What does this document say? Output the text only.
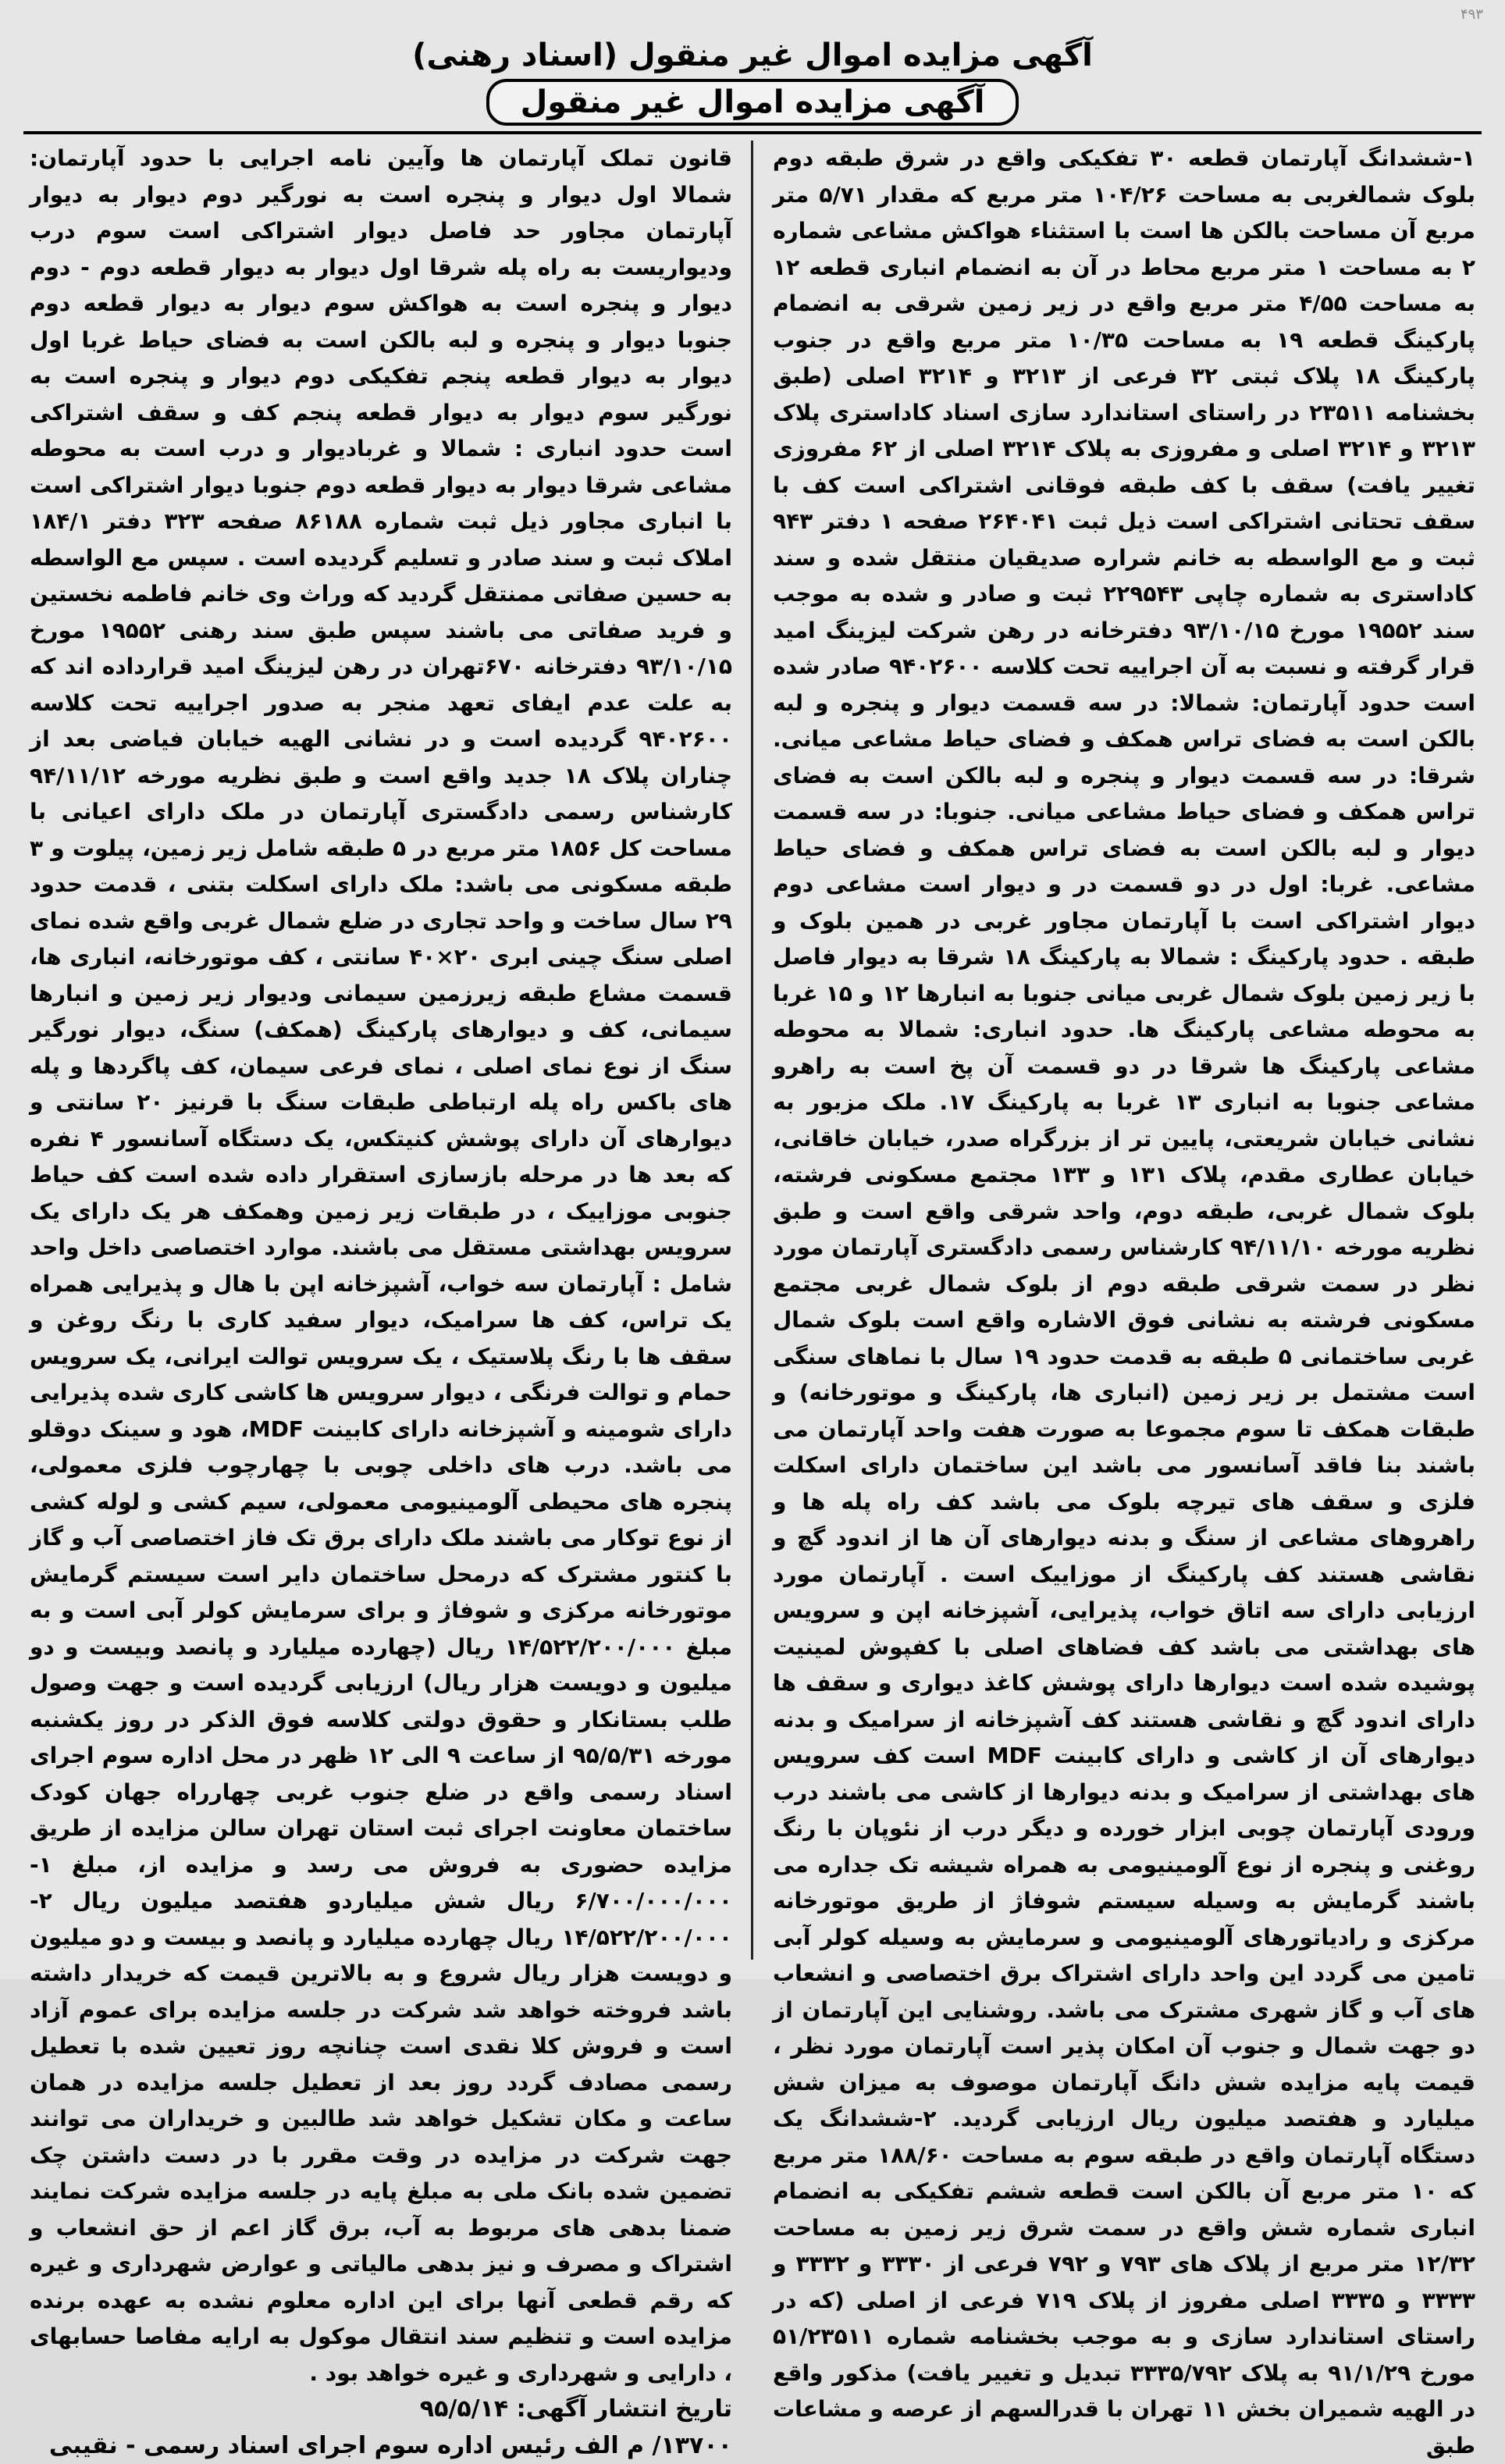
۴۹۳
آگهی مزایده اموال غیر منقول (اسناد رهنی)
آگهی مزایده اموال غیر منقول

۱-ششدانگ آپارتمان قطعه ۳۰ تفکیکی واقع در شرق طبقه دوم بلوک شمالغربی به مساحت ۱۰۴/۲۶ متر مربع که مقدار ۵/۷۱ متر مربع آن مساحت بالکن ها است با استثناء هواکش مشاعی شماره ۲ به مساحت ۱ متر مربع محاط در آن به انضمام انباری قطعه ۱۲ به مساحت ۴/۵۵ متر مربع واقع در زیر زمین شرقی به انضمام پارکینگ قطعه ۱۹ به مساحت ۱۰/۳۵ متر مربع واقع در جنوب پارکینگ ۱۸ پلاک ثبتی ۳۲ فرعی از ۳۲۱۳ و ۳۲۱۴ اصلی (طبق بخشنامه ۲۳۵۱۱ در راستای استاندارد سازی اسناد کاداستری پلاک ۳۲۱۳ و ۳۲۱۴ اصلی و مفروزی به پلاک ۳۲۱۴ اصلی از ۶۲ مفروزی تغییر یافت) سقف با کف طبقه فوقانی اشتراکی است کف با سقف تحتانی اشتراکی است ذیل ثبت ۲۶۴۰۴۱ صفحه ۱ دفتر ۹۴۳ ثبت و مع الواسطه به خانم شراره صدیقیان منتقل شده و سند کاداستری به شماره چاپی ۲۲۹۵۴۳ ثبت و صادر و شده به موجب سند ۱۹۵۵۲ مورخ ۹۳/۱۰/۱۵ دفترخانه در رهن شرکت لیزینگ امید قرار گرفته و نسبت به آن اجراییه تحت کلاسه ۹۴۰۲۶۰۰ صادر شده است حدود آپارتمان: شمالا: در سه قسمت دیوار و پنجره و لبه بالکن است به فضای تراس همکف و فضای حیاط مشاعی میانی. شرقا: در سه قسمت دیوار و پنجره و لبه بالکن است به فضای تراس همکف و فضای حیاط مشاعی میانی. جنوبا: در سه قسمت دیوار و لبه بالکن است به فضای تراس همکف و فضای حیاط مشاعی. غربا: اول در دو قسمت در و دیوار است مشاعی دوم دیوار اشتراکی است با آپارتمان مجاور غربی در همین بلوک و طبقه . حدود پارکینگ : شمالا به پارکینگ ۱۸ شرقا به دیوار فاصل با زیر زمین بلوک شمال غربی میانی جنوبا به انبارها ۱۲ و ۱۵ غربا به محوطه مشاعی پارکینگ ها. حدود انباری: شمالا به محوطه مشاعی پارکینگ ها شرقا در دو قسمت آن پخ است به راهرو مشاعی جنوبا به انباری ۱۳ غربا به پارکینگ ۱۷. ملک مزبور به نشانی خیابان شریعتی، پایین تر از بزرگراه صدر، خیابان خاقانی، خیابان عطاری مقدم، پلاک ۱۳۱ و ۱۳۳ مجتمع مسکونی فرشته، بلوک شمال غربی، طبقه دوم، واحد شرقی واقع است و طبق نظریه مورخه ۹۴/۱۱/۱۰ کارشناس رسمی دادگستری آپارتمان مورد نظر در سمت شرقی طبقه دوم از بلوک شمال غربی مجتمع مسکونی فرشته به نشانی فوق الاشاره واقع است بلوک شمال غربی ساختمانی ۵ طبقه به قدمت حدود ۱۹ سال با نماهای سنگی است مشتمل بر زیر زمین (انباری ها، پارکینگ و موتورخانه) و طبقات همکف تا سوم مجموعا به صورت هفت واحد آپارتمان می باشند بنا فاقد آسانسور می باشد این ساختمان دارای اسکلت فلزی و سقف های تیرچه بلوک می باشد کف راه پله ها و راهروهای مشاعی از سنگ و بدنه دیوارهای آن ها از اندود گچ و نقاشی هستند کف پارکینگ از موزاییک است . آپارتمان مورد ارزیابی دارای سه اتاق خواب، پذیرایی، آشپزخانه اپن و سرویس های بهداشتی می باشد کف فضاهای اصلی با کفپوش لمینیت پوشیده شده است دیوارها دارای پوشش کاغذ دیواری و سقف ها دارای اندود گچ و نقاشی هستند کف آشپزخانه از سرامیک و بدنه دیوارهای آن از کاشی و دارای کابینت MDF است کف سرویس های بهداشتی از سرامیک و بدنه دیوارها از کاشی می باشند درب ورودی آپارتمان چوبی ابزار خورده و دیگر درب از نئوپان با رنگ روغنی و پنجره از نوع آلومینیومی به همراه شیشه تک جداره می باشند گرمایش به وسیله سیستم شوفاژ از طریق موتورخانه مرکزی و رادیاتورهای آلومینیومی و سرمایش به وسیله کولر آبی تامین می گردد این واحد دارای اشتراک برق اختصاصی و انشعاب های آب و گاز شهری مشترک می باشد. روشنایی این آپارتمان از دو جهت شمال و جنوب آن امکان پذیر است آپارتمان مورد نظر ، قیمت پایه مزایده شش دانگ آپارتمان موصوف به میزان شش میلیارد و هفتصد میلیون ریال ارزیابی گردید. ۲-ششدانگ یک دستگاه آپارتمان واقع در طبقه سوم به مساحت ۱۸۸/۶۰ متر مربع که ۱۰ متر مربع آن بالکن است قطعه ششم تفکیکی به انضمام انباری شماره شش واقع در سمت شرق زیر زمین به مساحت ۱۲/۳۲ متر مربع از پلاک های ۷۹۳ و ۷۹۲ فرعی از ۳۳۳۰ و ۳۳۳۲ و ۳۳۳۳ و ۳۳۳۵ اصلی مفروز از پلاک ۷۱۹ فرعی از اصلی (که در راستای استاندارد سازی و به موجب بخشنامه شماره ۵۱/۲۳۵۱۱ مورخ ۹۱/۱/۲۹ به پلاک ۳۳۳۵/۷۹۲ تبدیل و تغییر یافت) مذکور واقع در الهیه شمیران بخش ۱۱ تهران با قدرالسهم از عرصه و مشاعات طبق

قانون تملک آپارتمان ها وآیین نامه اجرایی با حدود آپارتمان: شمالا اول دیوار و پنجره است به نورگیر دوم دیوار به دیوار آپارتمان مجاور حد فاصل دیوار اشتراکی است سوم درب ودیواریست به راه پله شرقا اول دیوار به دیوار قطعه دوم - دوم دیوار و پنجره است به هواکش سوم دیوار به دیوار قطعه دوم جنوبا دیوار و پنجره و لبه بالکن است به فضای حیاط غربا اول دیوار به دیوار قطعه پنجم تفکیکی دوم دیوار و پنجره است به نورگیر سوم دیوار به دیوار قطعه پنجم کف و سقف اشتراکی است حدود انباری : شمالا و غربادیوار و درب است به محوطه مشاعی شرقا دیوار به دیوار قطعه دوم جنوبا دیوار اشتراکی است با انباری مجاور ذیل ثبت شماره ۸۶۱۸۸ صفحه ۳۲۳ دفتر ۱۸۴/۱ املاک ثبت و سند صادر و تسلیم گردیده است . سپس مع الواسطه به حسین صفاتی ممنتقل گردید که وراث وی خانم فاطمه نخستین و فرید صفاتی می باشند سپس طبق سند رهنی ۱۹۵۵۲ مورخ ۹۳/۱۰/۱۵ دفترخانه ۶۷۰تهران در رهن لیزینگ امید قرارداده اند که به علت عدم ایفای تعهد منجر به صدور اجراییه تحت کلاسه ۹۴۰۲۶۰۰ گردیده است و در نشانی الهیه خیابان فیاضی بعد از چناران پلاک ۱۸ جدید واقع است و طبق نظریه مورخه ۹۴/۱۱/۱۲ کارشناس رسمی دادگستری آپارتمان در ملک دارای اعیانی با مساحت کل ۱۸۵۶ متر مربع در ۵ طبقه شامل زیر زمین، پیلوت و ۳ طبقه مسکونی می باشد: ملک دارای اسکلت بتنی ، قدمت حدود ۲۹ سال ساخت و واحد تجاری در ضلع شمال غربی واقع شده نمای اصلی سنگ چینی ابری ۲۰×۴۰ سانتی ، کف موتورخانه، انباری ها، قسمت مشاع طبقه زیرزمین سیمانی ودیوار زیر زمین و انبارها سیمانی، کف و دیوارهای پارکینگ (همکف) سنگ، دیوار نورگیر سنگ از نوع نمای اصلی ، نمای فرعی سیمان، کف پاگردها و پله های باکس راه پله ارتباطی طبقات سنگ با قرنیز ۲۰ سانتی و دیوارهای آن دارای پوشش کنیتکس، یک دستگاه آسانسور ۴ نفره که بعد ها در مرحله بازسازی استقرار داده شده است کف حیاط جنوبی موزاییک ، در طبقات زیر زمین وهمکف هر یک دارای یک سرویس بهداشتی مستقل می باشند. موارد اختصاصی داخل واحد شامل : آپارتمان سه خواب، آشپزخانه اپن با هال و پذیرایی همراه یک تراس، کف ها سرامیک، دیوار سفید کاری با رنگ روغن و سقف ها با رنگ پلاستیک ، یک سرویس توالت ایرانی، یک سرویس حمام و توالت فرنگی ، دیوار سرویس ها کاشی کاری شده پذیرایی دارای شومینه و آشپزخانه دارای کابینت MDF، هود و سینک دوقلو می باشد. درب های داخلی چوبی با چهارچوب فلزی معمولی، پنجره های محیطی آلومینیومی معمولی، سیم کشی و لوله کشی از نوع توکار می باشند ملک دارای برق تک فاز اختصاصی آب و گاز با کنتور مشترک که درمحل ساختمان دایر است سیستم گرمایش موتورخانه مرکزی و شوفاژ و برای سرمایش کولر آبی است و به مبلغ ۱۴/۵۲۲/۲۰۰/۰۰۰ ریال (چهارده میلیارد و پانصد وبیست و دو میلیون و دویست هزار ریال) ارزیابی گردیده است و جهت وصول طلب بستانکار و حقوق دولتی کلاسه فوق الذکر در روز یکشنبه مورخه ۹۵/۵/۳۱ از ساعت ۹ الی ۱۲ ظهر در محل اداره سوم اجرای اسناد رسمی واقع در ضلع جنوب غربی چهارراه جهان کودک ساختمان معاونت اجرای ثبت استان تهران سالن مزایده از طریق مزایده حضوری به فروش می رسد و مزایده از، مبلغ ۱- ۶/۷۰۰/۰۰۰/۰۰۰ ریال شش میلیاردو هفتصد میلیون ریال ۲- ۱۴/۵۲۲/۲۰۰/۰۰۰ ریال چهارده میلیارد و پانصد و بیست و دو میلیون و دویست هزار ریال شروع و به بالاترین قیمت که خریدار داشته باشد فروخته خواهد شد شرکت در جلسه مزایده برای عموم آزاد است و فروش کلا نقدی است چنانچه روز تعیین شده با تعطیل رسمی مصادف گردد روز بعد از تعطیل جلسه مزایده در همان ساعت و مکان تشکیل خواهد شد طالبین و خریداران می توانند جهت شرکت در مزایده در وقت مقرر با در دست داشتن چک تضمین شده بانک ملی به مبلغ پایه در جلسه مزایده شرکت نمایند ضمنا بدهی های مربوط به آب، برق گاز اعم از حق انشعاب و اشتراک و مصرف و نیز بدهی مالیاتی و عوارض شهرداری و غیره که رقم قطعی آنها برای این اداره معلوم نشده به عهده برنده مزایده است و تنظیم سند انتقال موکول به ارایه مفاصا حسابهای ، دارایی و شهرداری و غیره خواهد بود .

تاریخ انتشار آگهی: ۹۵/۵/۱۴

۱۳۷۰۰/ م الف رئیس اداره سوم اجرای اسناد رسمی - نقیبی
